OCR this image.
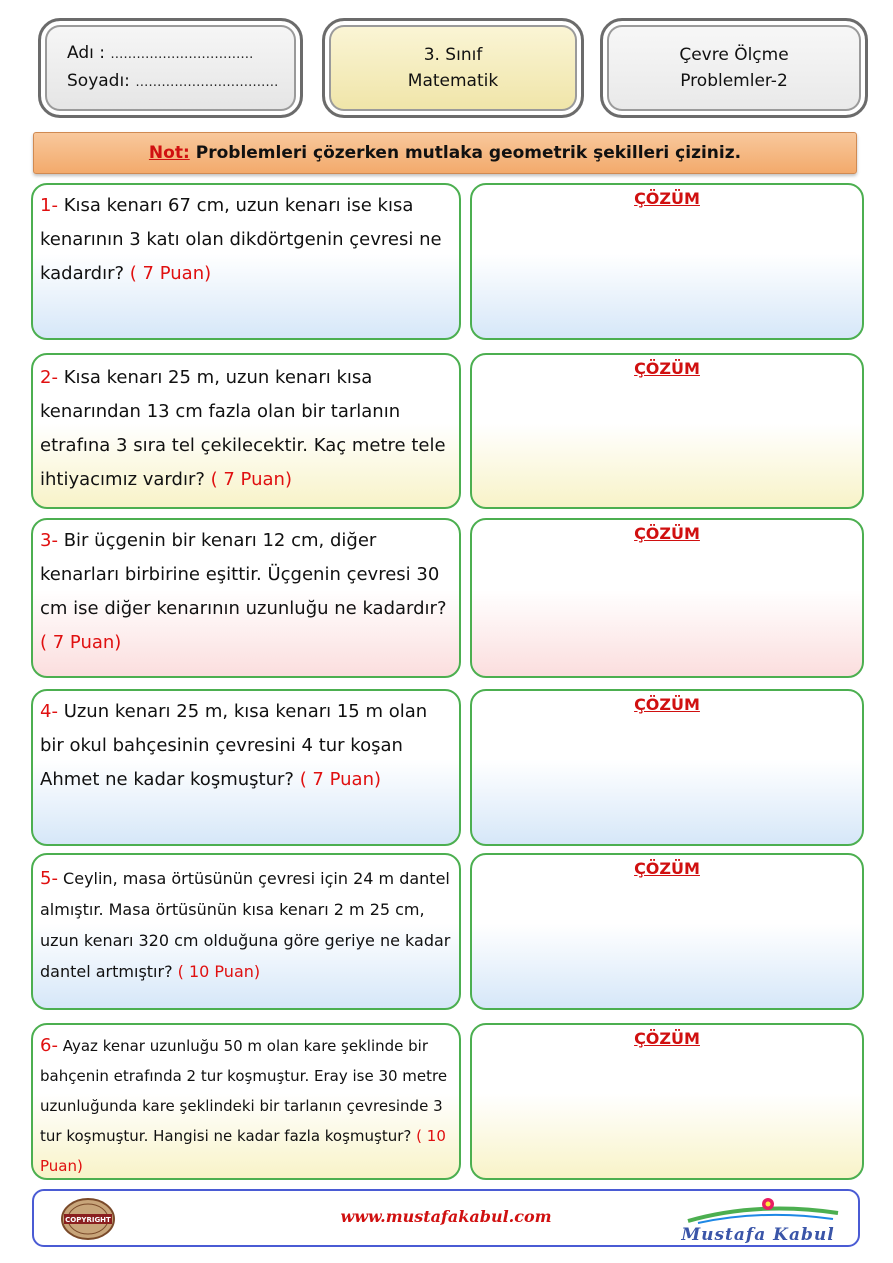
Adı : ……………………………
Soyadı: ……………………………
3. Sınıf
Matematik
Çevre Ölçme
Problemler-2
Not: Problemleri çözerken mutlaka geometrik şekilleri çiziniz.
1- Kısa kenarı 67 cm, uzun kenarı ise kısa kenarının 3 katı olan dikdörtgenin çevresi ne kadardır? ( 7 Puan)
ÇÖZÜM
2- Kısa kenarı 25 m, uzun kenarı kısa kenarından 13 cm fazla olan bir tarlanın etrafına 3 sıra tel çekilecektir. Kaç metre tele ihtiyacımız vardır? ( 7 Puan)
ÇÖZÜM
3- Bir üçgenin bir kenarı 12 cm, diğer kenarları birbirine eşittir. Üçgenin çevresi 30 cm ise diğer kenarının uzunluğu ne kadardır? ( 7 Puan)
ÇÖZÜM
4- Uzun kenarı 25 m, kısa kenarı 15 m olan bir okul bahçesinin çevresini 4 tur koşan Ahmet ne kadar koşmuştur? ( 7 Puan)
ÇÖZÜM
5- Ceylin, masa örtüsünün çevresi için 24 m dantel almıştır. Masa örtüsünün kısa kenarı 2 m 25 cm, uzun kenarı 320 cm olduğuna göre geriye ne kadar dantel artmıştır? ( 10 Puan)
ÇÖZÜM
6- Ayaz kenar uzunluğu 50 m olan kare şeklinde bir bahçenin etrafında 2 tur koşmuştur. Eray ise 30 metre uzunluğunda kare şeklindeki bir tarlanın çevresinde 3 tur koşmuştur. Hangisi ne kadar fazla koşmuştur? ( 10 Puan)
ÇÖZÜM
COPYRIGHT	www.mustafakabul.com
Mustafa Kabul
